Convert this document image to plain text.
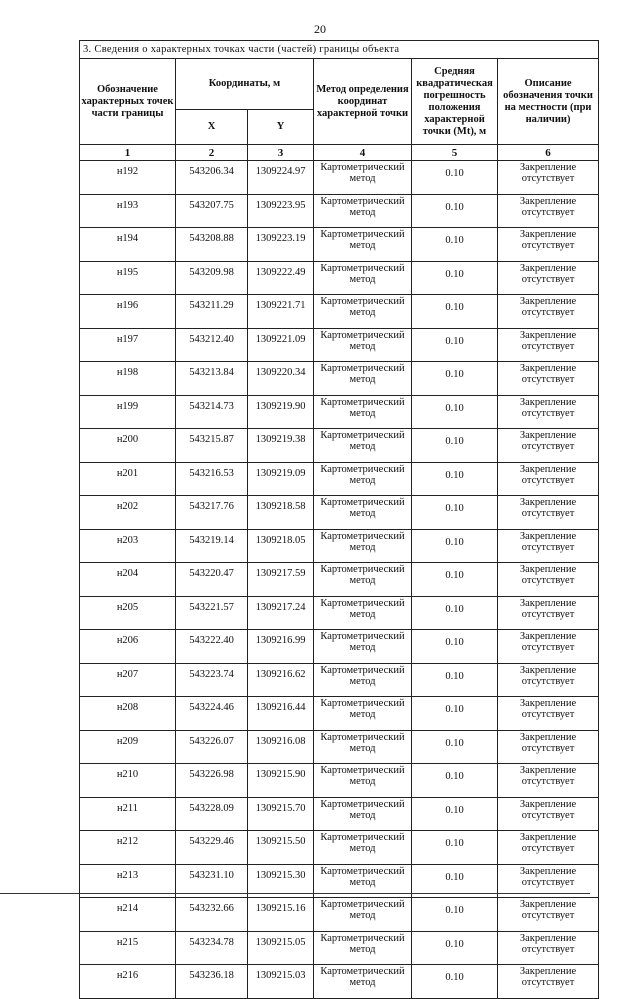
20
3. Сведения о характерных точках части (частей) границы объекта					
Обозначение характерных точек части границы	Координаты, м		Метод определения координат характерной точки	Средняя квадратическая погрешность положения характерной точки (Mt), м	Описание обозначения точки на местности (при наличии)
	X	Y			
1	2	3	4	5	6
н192	543206.34	1309224.97	Картометрический метод	0.10	Закрепление отсутствует
н193	543207.75	1309223.95	Картометрический метод	0.10	Закрепление отсутствует
н194	543208.88	1309223.19	Картометрический метод	0.10	Закрепление отсутствует
н195	543209.98	1309222.49	Картометрический метод	0.10	Закрепление отсутствует
н196	543211.29	1309221.71	Картометрический метод	0.10	Закрепление отсутствует
н197	543212.40	1309221.09	Картометрический метод	0.10	Закрепление отсутствует
н198	543213.84	1309220.34	Картометрический метод	0.10	Закрепление отсутствует
н199	543214.73	1309219.90	Картометрический метод	0.10	Закрепление отсутствует
н200	543215.87	1309219.38	Картометрический метод	0.10	Закрепление отсутствует
н201	543216.53	1309219.09	Картометрический метод	0.10	Закрепление отсутствует
н202	543217.76	1309218.58	Картометрический метод	0.10	Закрепление отсутствует
н203	543219.14	1309218.05	Картометрический метод	0.10	Закрепление отсутствует
н204	543220.47	1309217.59	Картометрический метод	0.10	Закрепление отсутствует
н205	543221.57	1309217.24	Картометрический метод	0.10	Закрепление отсутствует
н206	543222.40	1309216.99	Картометрический метод	0.10	Закрепление отсутствует
н207	543223.74	1309216.62	Картометрический метод	0.10	Закрепление отсутствует
н208	543224.46	1309216.44	Картометрический метод	0.10	Закрепление отсутствует
н209	543226.07	1309216.08	Картометрический метод	0.10	Закрепление отсутствует
н210	543226.98	1309215.90	Картометрический метод	0.10	Закрепление отсутствует
н211	543228.09	1309215.70	Картометрический метод	0.10	Закрепление отсутствует
н212	543229.46	1309215.50	Картометрический метод	0.10	Закрепление отсутствует
н213	543231.10	1309215.30	Картометрический метод	0.10	Закрепление отсутствует
н214	543232.66	1309215.16	Картометрический метод	0.10	Закрепление отсутствует
н215	543234.78	1309215.05	Картометрический метод	0.10	Закрепление отсутствует
н216	543236.18	1309215.03	Картометрический метод	0.10	Закрепление отсутствует
